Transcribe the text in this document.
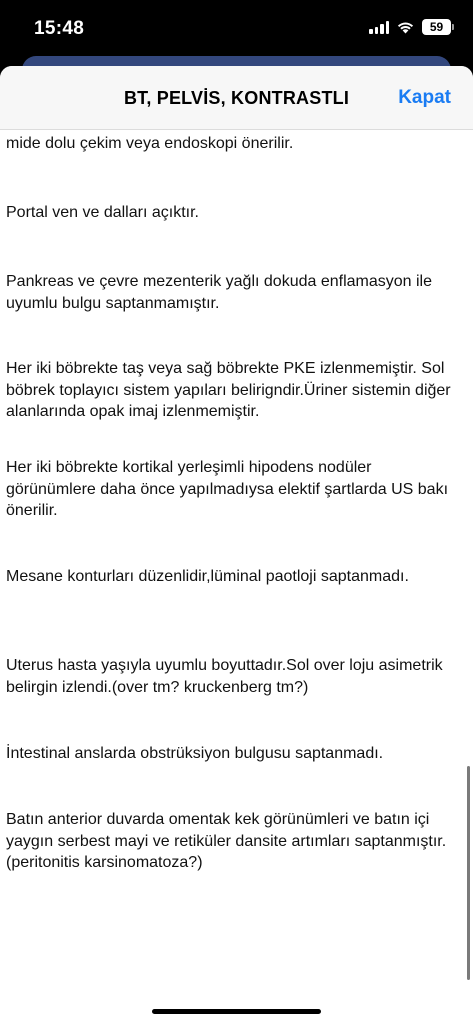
15:48	59
BT, PELVİS, KONTRASTLI	Kapat
mide dolu çekim veya endoskopi önerilir.
Portal ven ve dalları açıktır.
Pankreas ve çevre mezenterik yağlı dokuda enflamasyon ile uyumlu bulgu saptanmamıştır.
Her iki böbrekte taş veya sağ böbrekte PKE izlenmemiştir. Sol böbrek toplayıcı sistem yapıları belirigndir.Üriner sistemin diğer alanlarında opak imaj izlenmemiştir.
Her iki böbrekte kortikal yerleşimli hipodens nodüler görünümlere daha önce yapılmadıysa elektif şartlarda US bakı önerilir.
Mesane konturları düzenlidir,lüminal paotloji saptanmadı.
Uterus hasta yaşıyla uyumlu boyuttadır.Sol over loju asimetrik belirgin izlendi.(over tm? kruckenberg tm?)
İntestinal anslarda obstrüksiyon bulgusu saptanmadı.
Batın anterior duvarda omentak kek görünümleri ve batın içi yaygın serbest mayi ve retiküler dansite artımları saptanmıştır. (peritonitis karsinomatoza?)
